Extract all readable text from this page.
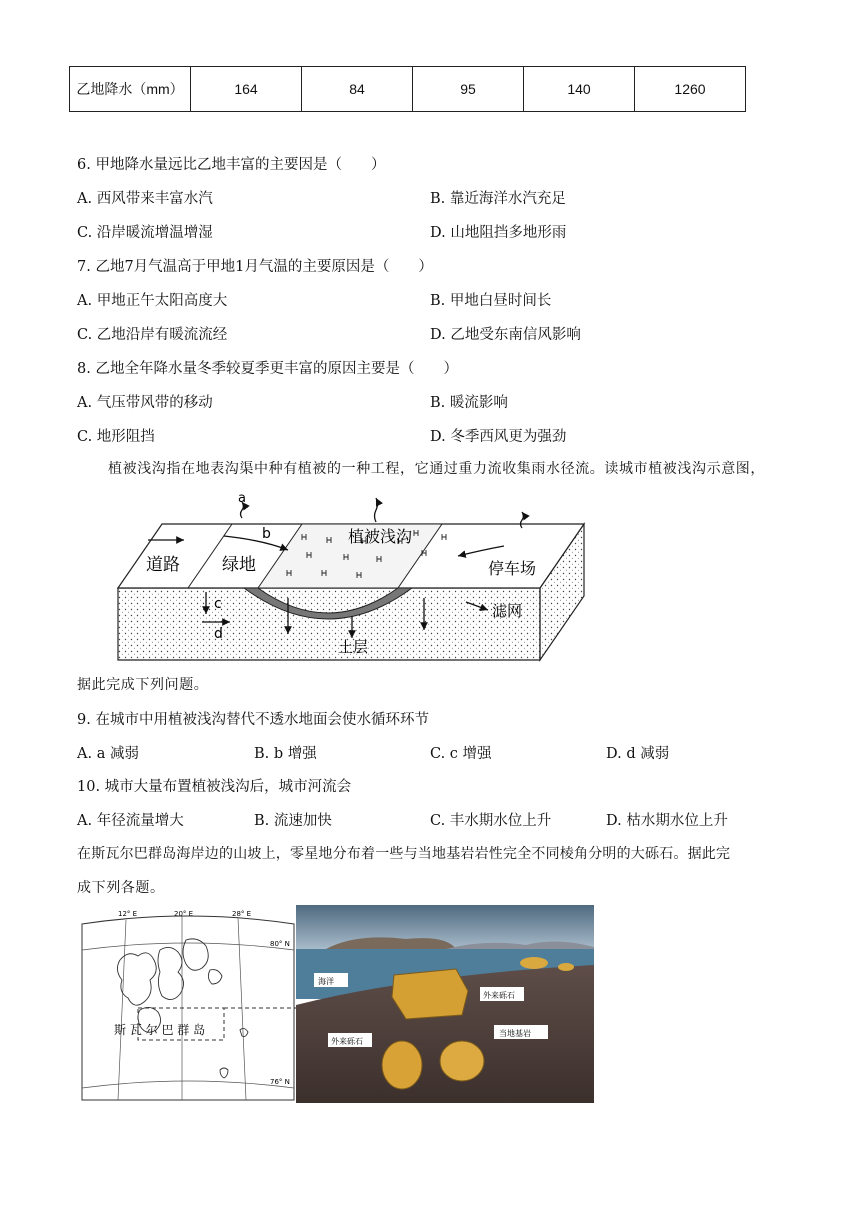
乙地降水（mm）	164	84	95	140	1260
6. 甲地降水量远比乙地丰富的主要因是（　　）
A. 西风带来丰富水汽	B. 靠近海洋水汽充足
C. 沿岸暖流增温增湿	D. 山地阻挡多地形雨
7. 乙地7月气温高于甲地1月气温的主要原因是（　　）
A. 甲地正午太阳高度大	B. 甲地白昼时间长
C. 乙地沿岸有暖流流经	D. 乙地受东南信风影响
8. 乙地全年降水量冬季较夏季更丰富的原因主要是（　　）
A. 气压带风带的移动	B. 暖流影响
C. 地形阻挡	D. 冬季西风更为强劲
植被浅沟指在地表沟渠中种有植被的一种工程，它通过重力流收集雨水径流。读城市植被浅沟示意图，
a
b
c
d
道路 绿地
植被浅沟
停车场
滤网
土层
据此完成下列问题。
9. 在城市中用植被浅沟替代不透水地面会使水循环环节
A. a 减弱	B. b 增强	C. c 增强	D. d 减弱
10. 城市大量布置植被浅沟后，城市河流会
A. 年径流量增大	B. 流速加快	C. 丰水期水位上升	D. 枯水期水位上升
在斯瓦尔巴群岛海岸边的山坡上，零星地分布着一些与当地基岩岩性完全不同棱角分明的大砾石。据此完
成下列各题。
12° E	20° E	28° E
80° N
76° N
斯 瓦 尔 巴 群 岛
海洋
外来砾石
当地基岩
外来砾石
